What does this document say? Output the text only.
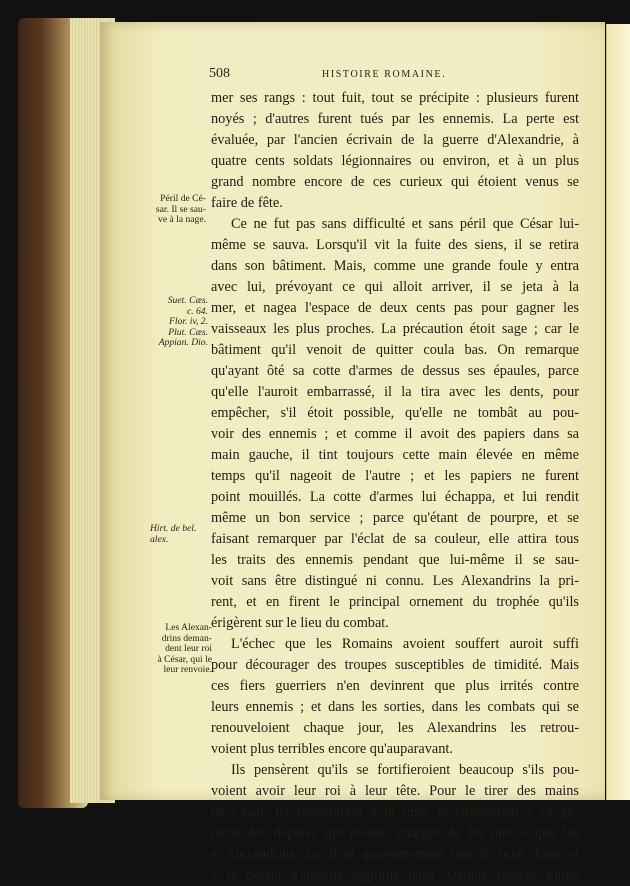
508	HISTOIRE ROMAINE.
Péril de Cé-
sar. Il se sau-
ve à la nage.
Suet. Cæs.
c. 64.
Flor. iv, 2.
Plut. Cæs.
Appian. Dio.
Hirt. de bel.
alex.
Les Alexan-
drins deman-
dent leur roi
à César, qui le
leur renvoie.
mer ses rangs : tout fuit, tout se précipite : plusieurs furent
noyés ; d'autres furent tués par les ennemis. La perte est
évaluée, par l'ancien écrivain de la guerre d'Alexandrie, à
quatre cents soldats légionnaires ou environ, et à un plus
grand nombre encore de ces curieux qui étoient venus se
faire de fête.
Ce ne fut pas sans difficulté et sans péril que César lui-
même se sauva. Lorsqu'il vit la fuite des siens, il se retira
dans son bâtiment. Mais, comme une grande foule y entra
avec lui, prévoyant ce qui alloit arriver, il se jeta à la
mer, et nagea l'espace de deux cents pas pour gagner les
vaisseaux les plus proches. La précaution étoit sage ; car le
bâtiment qu'il venoit de quitter coula bas. On remarque
qu'ayant ôté sa cotte d'armes de dessus ses épaules, parce
qu'elle l'auroit embarrassé, il la tira avec les dents, pour
empêcher, s'il étoit possible, qu'elle ne tombât au pou-
voir des ennemis ; et comme il avoit des papiers dans sa
main gauche, il tint toujours cette main élevée en même
temps qu'il nageoit de l'autre ; et les papiers ne furent
point mouillés. La cotte d'armes lui échappa, et lui rendit
même un bon service ; parce qu'étant de pourpre, et se
faisant remarquer par l'éclat de sa couleur, elle attira tous
les traits des ennemis pendant que lui-même il se sau-
voit sans être distingué ni connu. Les Alexandrins la pri-
rent, et en firent le principal ornement du trophée qu'ils
érigèrent sur le lieu du combat.
L'échec que les Romains avoient souffert auroit suffi
pour décourager des troupes susceptibles de timidité. Mais
ces fiers guerriers n'en devinrent que plus irrités contre
leurs ennemis ; et dans les sorties, dans les combats qui se
renouveloient chaque jour, les Alexandrins les retrou-
voient plus terribles encore qu'auparavant.
Ils pensèrent qu'ils se fortifieroient beaucoup s'ils pou-
voient avoir leur roi à leur tête. Pour le tirer des mains
de César, ils recoururent à la ruse, et envoyèrent à ce gé-
néral des députés qui étoient chargés de lui dire « que les
« Alexandrins, las d'un gouvernement que le sexe, l'âge et
« le défaut d'autorité légitime dans Arsinoé rendoit foible
